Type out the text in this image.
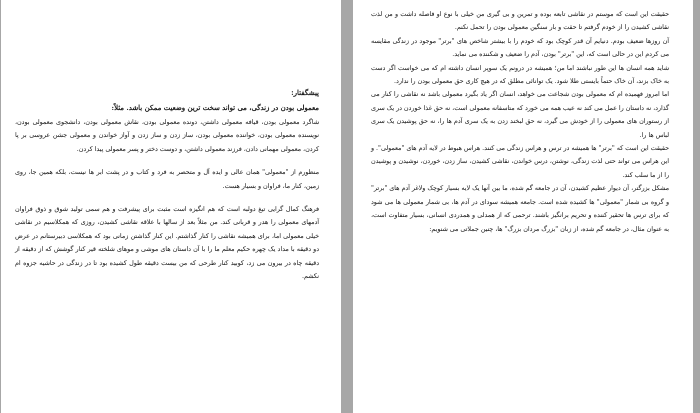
حقیقت این است که موستم در نقاشی تابعه بوده و تمرین و بی گیری من خیلی با نوع او فاصله داشت و من لذت نقاشی کشیدن را از خودم گرفتم تا حقت و بار سنگین معمولی بودن را تحمل نکنم.

آن روزها ضعیف بودم. دنیایم آن قدر کوچک بود که خودم را با بیشتر شاخص های "برتر" موجود در زندگی مقایسه می کردم این در حالی است که، این "برتر" بودن، آدم را ضعیف و شکننده می نماید.

شاید همه انسان ها این طور نباشند اما من؛ همیشه در درونم یک سوپر انسان داشته ام که می خواست اگر دست به خاک بزند، آن خاک حتماً بایستی طلا شود. یک توانائی مطلق که در هیچ کاری حق معمولی بودن را ندارد.

اما امروز فهمیده ام که معمولی بودن شجاعت می خواهد، انسان اگر یاد بگیرد معمولی باشد نه نقاشی را کنار می گذارد، نه داستان را عمل می کند نه عیب همه می خورد که متاسفانه معمولی است، نه حق غذا خوردن در یک سری از رستوران های معمولی را از خودش می گیرد، نه حق لبخند زدن به یک سری آدم ها را، نه حق پوشیدن یک سری لباس ها را.

حقیقت این است که "برتر" ها همیشه در ترس و هراس زندگی می کنند. هراس هبوط در لایه آدم های "معمولی". و این هراس می تواند حتی لذت زندگی، نوشتن، درس خواندن، نقاشی کشیدن، ساز زدن، خوردن، نوشیدن و پوشیدن را از ما سلب کند.

مشکل بزرگتر، آن دیوار عظیم کشیدن، آن در جامعه گم شده، ما بین آنها یک لایه بسیار کوچک ولاغر آدم های "برتر" و گروه بی شمار "معمولی" ها کشیده شده است. جامعه همیشه سودای در آدم ها، بی شمار معمولی ها می شود که برای ترس ها تحقیر کننده و تحریم برانگیز باشند. ترحمی که از همدلی و همدردی انسانی، بسیار متفاوت است، به عنوان مثال، در جامعه گم شده، از زبان "بزرگ مردان بزرگ" ها، چنین جملاتی می شنویم:

پیشگفتار:
معمولی بودن در زندگی، می تواند سخت ترین وضعیت ممکن باشد. مثلاً:

شاگرد معمولی بودن، قیافه معمولی داشتن، دونده معمولی بودن، نقاش معمولی بودن، دانشجوی معمولی بودن، نویسنده معمولی بودن، خواننده معمولی بودن، ساز زدن و ساز زدن و آواز خواندن و معمولی جشن عروسی بر پا کردن، معمولی مهمانی دادن، فرزند معمولی داشتن، و دوست دختر و پسر معمولی پیدا کردن.

منظورم از "معمولی" همان عالی و ایده آل و متحصر به فرد و کتاب و در پشت ابر ها نیست، بلکه همین جا، روی زمین، کنار ما، فراوان و بسیار هست.

فرهنگ کمال گرایی تیغ دولبه است که هم انگیزه است مثبت برای پیشرفت و هم سمی تولید شوق و ذوق فراوان آدمهای معمولی را هدر و قربانی کند. من مثلاً بعد از سالها با علاقه نقاشی کشیدن، روزی که همکلاسیم در نقاشی خیلی معمولی اما، برای همیشه نقاشی را کنار گذاشتم. این کنار گذاشتن زمانی بود که همکلاسی دبیرستانم در عرض دو دقیقه با مداد یک چهره حکیم معلم ما را با آن داستان های موشی و موهای شلخته قیر کنار گوشش که از دقیقه از دقیقه چاه در بیرون می زد، کوبید کنار طرحی که من بیست دقیقه طول کشیده بود تا در زندگی در حاشیه جزوه ام نکشم.
